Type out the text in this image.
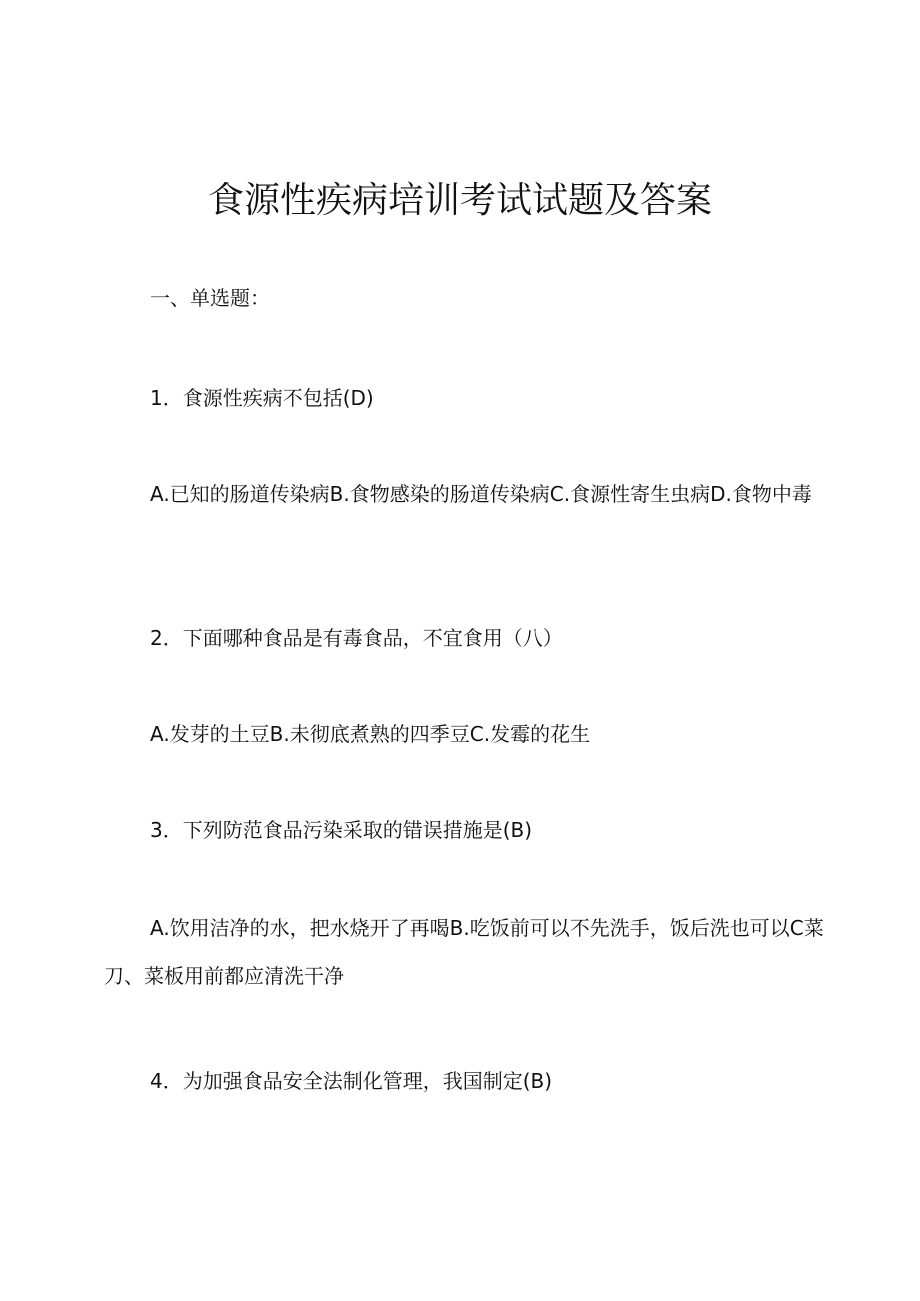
食源性疾病培训考试试题及答案

一、单选题：

1．食源性疾病不包括(D)

A.已知的肠道传染病B.食物感染的肠道传染病C.食源性寄生虫病D.食物中毒

2．下面哪种食品是有毒食品，不宜食用（八）

A.发芽的土豆B.未彻底煮熟的四季豆C.发霉的花生

3．下列防范食品污染采取的错误措施是(B)

A.饮用洁净的水，把水烧开了再喝B.吃饭前可以不先洗手，饭后洗也可以C菜刀、菜板用前都应清洗干净

4．为加强食品安全法制化管理，我国制定(B)
